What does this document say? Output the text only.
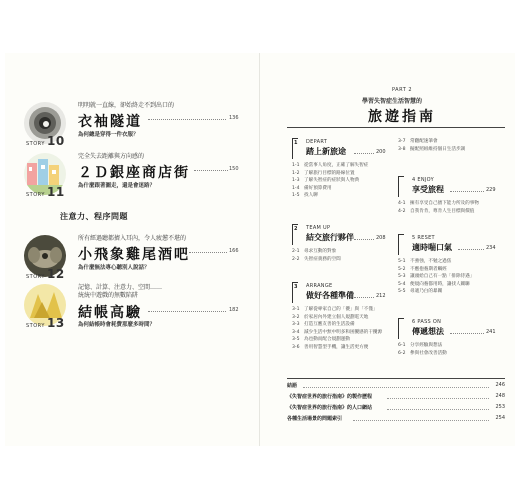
STORY 10
明明就一直線，卻始終走不到出口的
衣袖隧道	136
為何總是穿得一件衣服？
STORY 11
完全失去距離與方向感的
２Ｄ銀座商店街	150
為什麼跟著圖走，還是會迷路？
注意力、程序問題
STORY 12
所有經過聽都擠入耳內，令人疲憊不堪的
小飛象雞尾酒吧	166
為什麼無法專心聽別人說話？
STORY 13
記憶、計算、注意力、空間……
統統中遊戲的無數陷阱
結帳高驗	182
為何結帳時會耗費那麼多時間？
PART 2
學習失智症生活智慧的
旅遊指南
1 DEPART
踏上新旅途	200
1-1 從當事人角度，正確了解失智症
1-2 了解旅行目標的路線位置
1-3 了解失智症的症狀與人物典
1-4 備好預算費用
1-5 找人聊
2 TEAM UP
結交旅行夥伴	208
2-1 尋求互動的對象
2-2 失智症義務的空間
3 ARRANGE
做好各種準備	212
3-1 了解從專家自己的「優」與「不僅」
3-2 於家居內外建立個人規劃電天地
3-3 打造互應友善的生活設備
3-4 減少生活中無中明多和困擾感的干擾源
3-5 為也動而配合規劃運動
3-6 善用智慧型手機，讓生活更方便
3-7 常翻配速筆會
3-8 擬配照組維持個日生活步調
4 ENJOY
享受旅程	229
4-1 擁有享受自己擅下能力所及的事物
4-2 自我肯肯，尊肯人生目標與價值
5 RESET
適時喘口氣	234
5-1 不強強，不勉之過焦
5-2 不應抱養期者觸經
5-3 讓頭給自己有一點「排除待遇」
5-4 便規向養都用時，讓找人關聯
5-5 尋適乃白的暴關
6 PASS ON
傳遞想法	241
6-1 分享經驗與想法
6-2 參與社會改善活動
結語	246
《失智症世界的旅行指南》的製作歷程	248
《失智症世界的旅行指南》的人口網站	253
各種生活場景的問題索引	254
